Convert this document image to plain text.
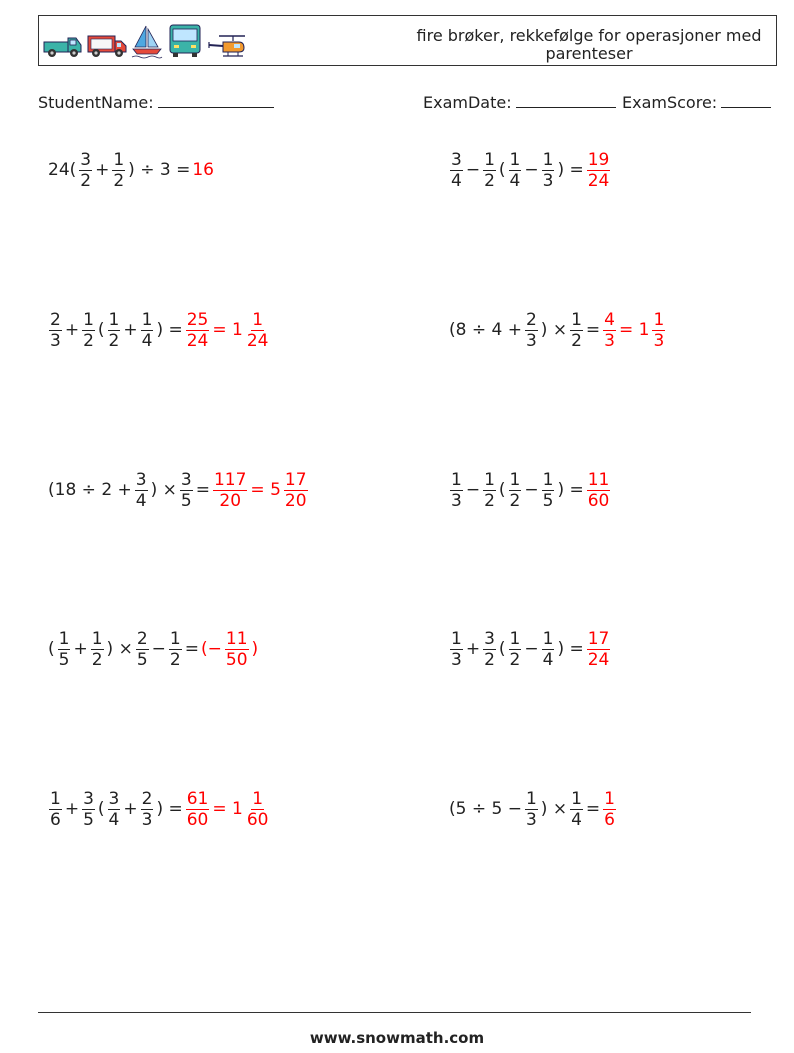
fire brøker, rekkefølge for operasjoner med
parenteser
StudentName:	ExamDate:	ExamScore:
$24( \frac{3}{2} + \frac{1}{2}$ ) ÷ 3 = 16	$\frac{3}{4} - \frac{1}{2}$ ( $\frac{1}{4} - \frac{1}{3}$ ) = $\frac{19}{24}$
$\frac{2}{3} + \frac{1}{2}$ ( $\frac{1}{2} + \frac{1}{4}$ ) = $\frac{25}{24} = 1 \frac{1}{24}$	($8 \div 4 + \frac{2}{3}$ ) × $\frac{1}{2} = \frac{4}{3} = 1 \frac{1}{3}$
($18 \div 2 + \frac{3}{4}$ ) × $\frac{3}{5} = \frac{117}{20} = 5 \frac{17}{20}$	$\frac{1}{3} - \frac{1}{2}$ ( $\frac{1}{2} - \frac{1}{5}$ ) = $\frac{11}{60}$
( $\frac{1}{5} + \frac{1}{2}$ ) × $\frac{2}{5} - \frac{1}{2}$ = (− $\frac{11}{50}$ )	$\frac{1}{3} + \frac{3}{2}$ ( $\frac{1}{2} - \frac{1}{4}$ ) = $\frac{17}{24}$
$\frac{1}{6} + \frac{3}{5}$ ( $\frac{3}{4} + \frac{2}{3}$ ) = $\frac{61}{60} = 1 \frac{1}{60}$	($5 \div 5 - \frac{1}{3}$ ) × $\frac{1}{4} = \frac{1}{6}$
www.snowmath.com
